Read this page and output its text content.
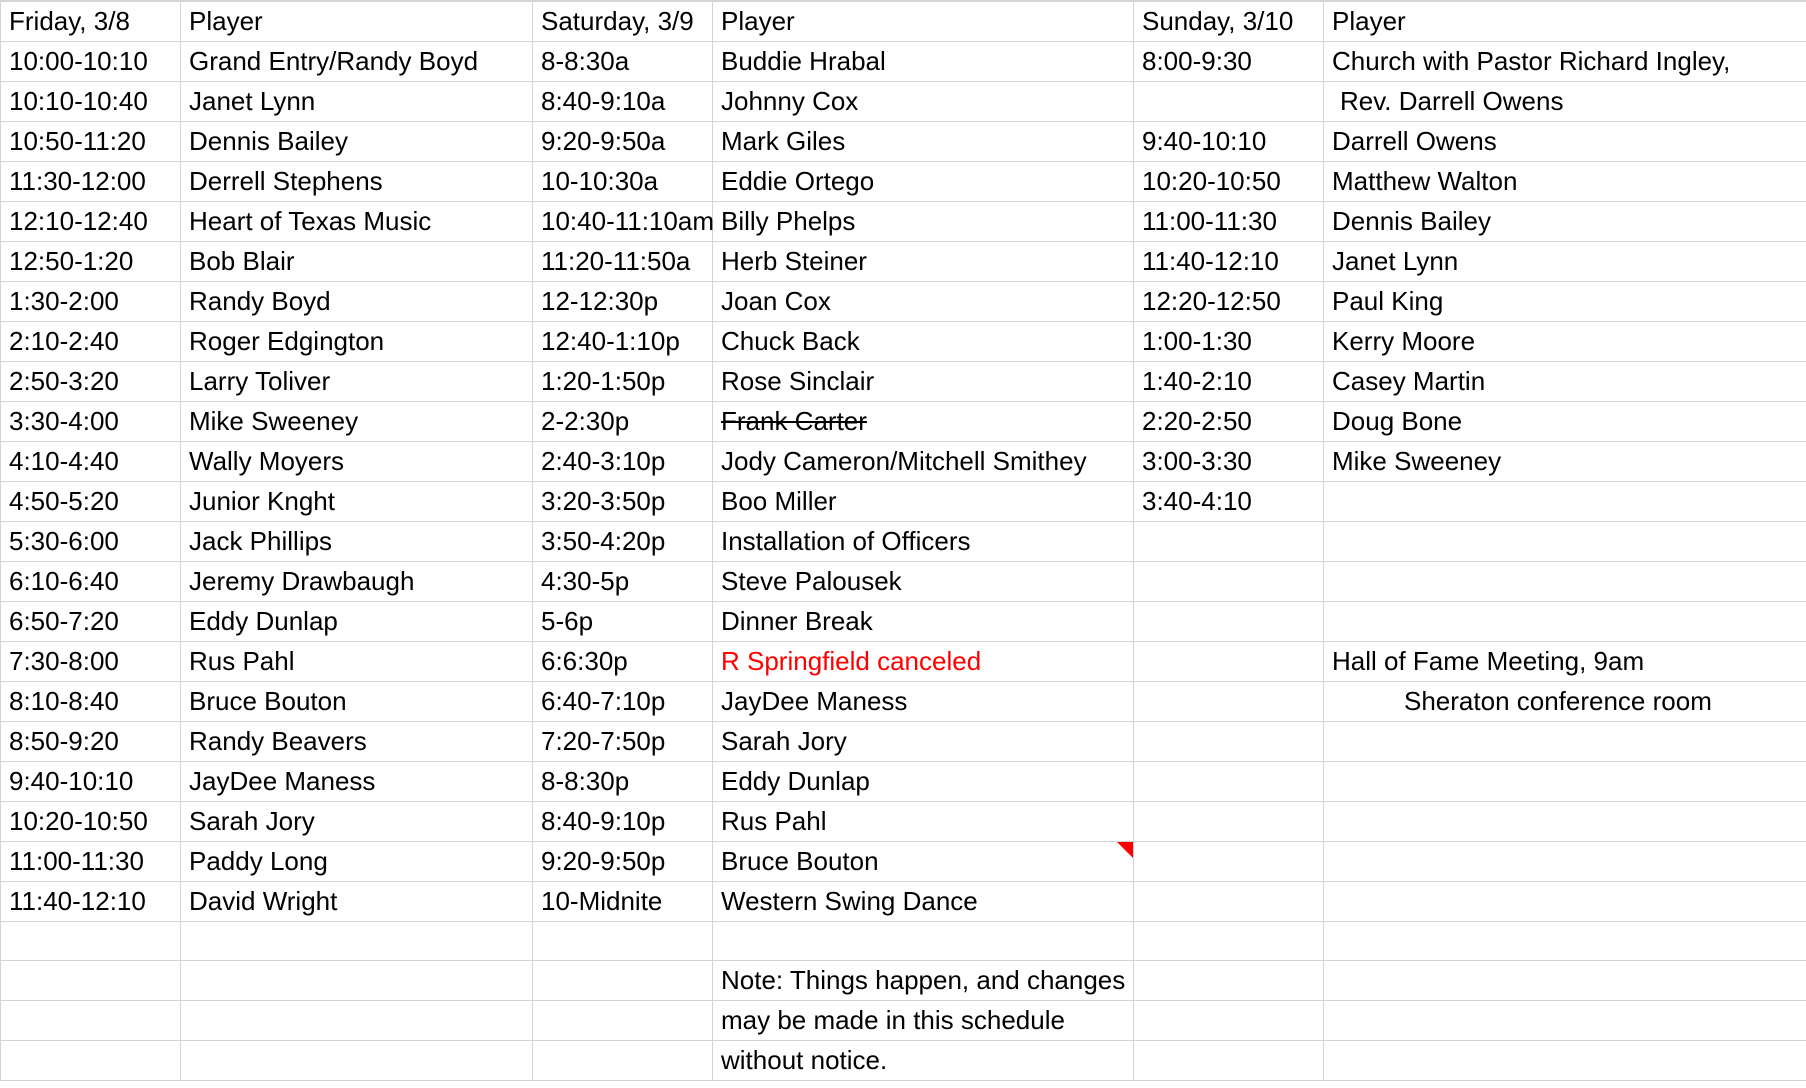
Friday, 3/8	Player	Saturday, 3/9	Player	Sunday, 3/10	Player
10:00-10:10	Grand Entry/Randy Boyd	8-8:30a	Buddie Hrabal	8:00-9:30	Church with Pastor Richard Ingley,
10:10-10:40	Janet Lynn	8:40-9:10a	Johnny Cox		Rev. Darrell Owens
10:50-11:20	Dennis Bailey	9:20-9:50a	Mark Giles	9:40-10:10	Darrell Owens
11:30-12:00	Derrell Stephens	10-10:30a	Eddie Ortego	10:20-10:50	Matthew Walton
12:10-12:40	Heart of Texas Music	10:40-11:10am	Billy Phelps	11:00-11:30	Dennis Bailey
12:50-1:20	Bob Blair	11:20-11:50a	Herb Steiner	11:40-12:10	Janet Lynn
1:30-2:00	Randy Boyd	12-12:30p	Joan Cox	12:20-12:50	Paul King
2:10-2:40	Roger Edgington	12:40-1:10p	Chuck Back	1:00-1:30	Kerry Moore
2:50-3:20	Larry Toliver	1:20-1:50p	Rose Sinclair	1:40-2:10	Casey Martin
3:30-4:00	Mike Sweeney	2-2:30p	Frank Carter	2:20-2:50	Doug Bone
4:10-4:40	Wally Moyers	2:40-3:10p	Jody Cameron/Mitchell Smithey	3:00-3:30	Mike Sweeney
4:50-5:20	Junior Knght	3:20-3:50p	Boo Miller	3:40-4:10	
5:30-6:00	Jack Phillips	3:50-4:20p	Installation of Officers		
6:10-6:40	Jeremy Drawbaugh	4:30-5p	Steve Palousek		
6:50-7:20	Eddy Dunlap	5-6p	Dinner Break		
7:30-8:00	Rus Pahl	6:6:30p	R Springfield canceled		Hall of Fame Meeting, 9am
8:10-8:40	Bruce Bouton	6:40-7:10p	JayDee Maness		Sheraton conference room
8:50-9:20	Randy Beavers	7:20-7:50p	Sarah Jory		
9:40-10:10	JayDee Maness	8-8:30p	Eddy Dunlap		
10:20-10:50	Sarah Jory	8:40-9:10p	Rus Pahl		
11:00-11:30	Paddy Long	9:20-9:50p	Bruce Bouton

11:40-12:10	David Wright	10-Midnite	Western Swing Dance		

			Note: Things happen, and changes		
			may be made in this schedule		
			without notice.		
